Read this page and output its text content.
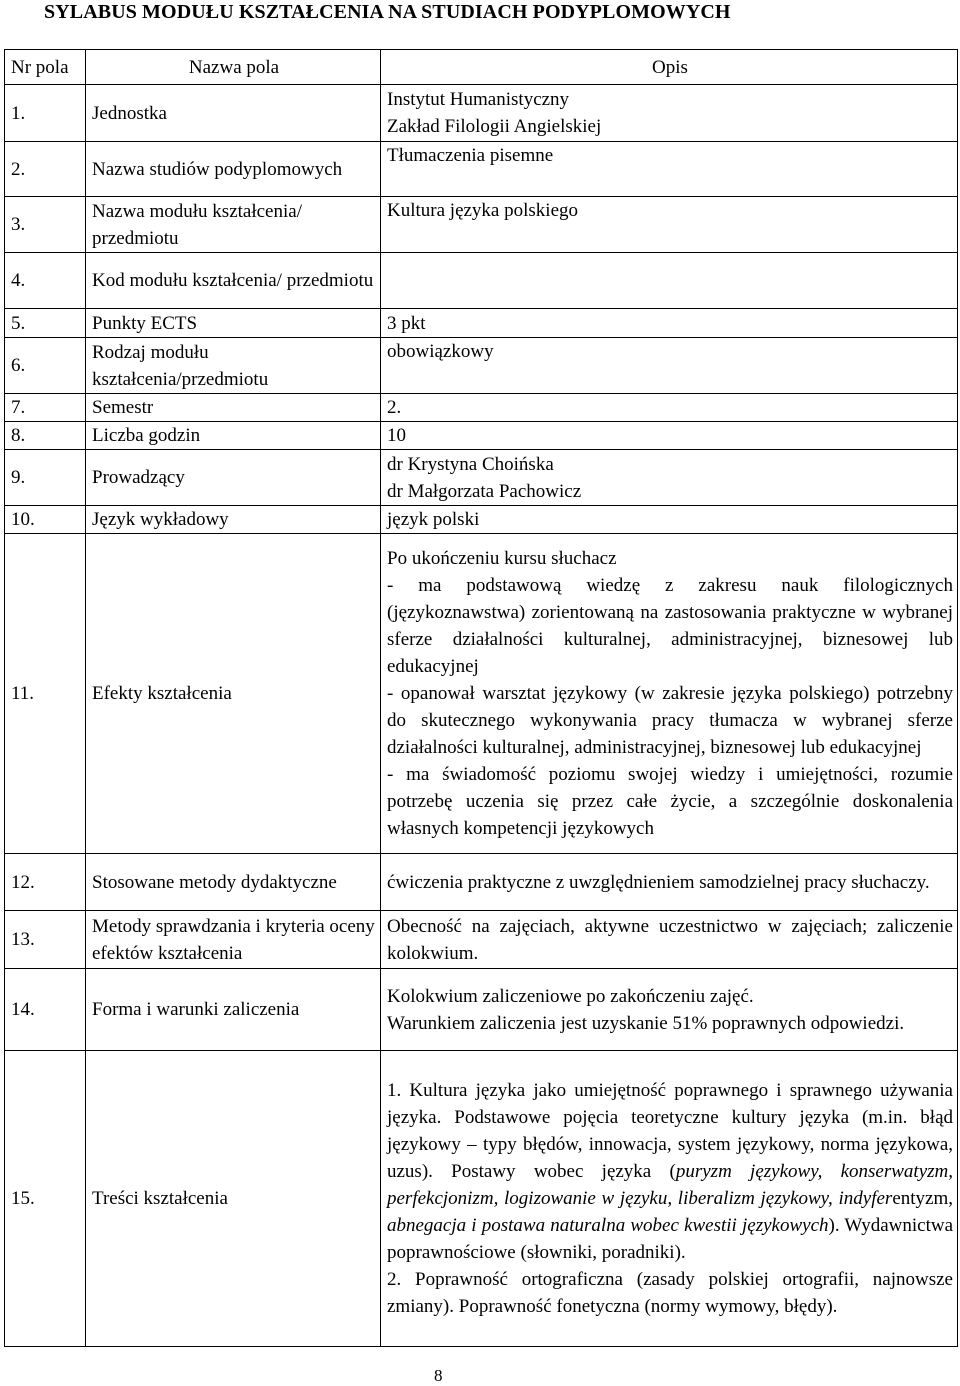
SYLABUS MODUŁU KSZTAŁCENIA NA STUDIACH PODYPLOMOWYCH
Nr pola	Nazwa pola	Opis
1.	Jednostka	Instytut Humanistyczny

Zakład Filologii Angielskiej

2.	Nazwa studiów podyplomowych	Tłumaczenia pisemne

3.	Nazwa modułu kształcenia/ przedmiotu	Kultura języka polskiego

4.	Kod modułu kształcenia/ przedmiotu	
5.	Punkty ECTS	3 pkt

6.	Rodzaj modułu kształcenia/przedmiotu	obowiązkowy

7.	Semestr	2.

8.	Liczba godzin	10

9.	Prowadzący	dr Krystyna Choińska

dr Małgorzata Pachowicz

10.	Język wykładowy	język polski

11.	Efekty kształcenia	Po ukończeniu kursu słuchacz

- ma podstawową wiedzę z zakresu nauk filologicznych (językoznawstwa) zorientowaną na zastosowania praktyczne w wybranej sferze działalności kulturalnej, administracyjnej, biznesowej lub edukacyjnej

- opanował warsztat językowy (w zakresie języka polskiego) potrzebny do skutecznego wykonywania pracy tłumacza w wybranej sferze działalności kulturalnej, administracyjnej, biznesowej lub edukacyjnej

- ma świadomość poziomu swojej wiedzy i umiejętności, rozumie potrzebę uczenia się przez całe życie, a szczególnie doskonalenia własnych kompetencji językowych

12.	Stosowane metody dydaktyczne	ćwiczenia praktyczne z uwzględnieniem samodzielnej pracy słuchaczy.

13.	Metody sprawdzania i kryteria oceny efektów kształcenia	Obecność na zajęciach, aktywne uczestnictwo w zajęciach; zaliczenie kolokwium.

14.	Forma i warunki zaliczenia	Kolokwium zaliczeniowe po zakończeniu zajęć.

Warunkiem zaliczenia jest uzyskanie 51% poprawnych odpowiedzi.

15.	Treści kształcenia	1. Kultura języka jako umiejętność poprawnego i sprawnego używania języka. Podstawowe pojęcia teoretyczne kultury języka (m.in. błąd językowy – typy błędów, innowacja, system językowy, norma językowa, uzus). Postawy wobec języka (puryzm językowy, konserwatyzm, perfekcjonizm, logizowanie w języku, liberalizm językowy, indyferentyzm, abnegacja i postawa naturalna wobec kwestii językowych). Wydawnictwa poprawnościowe (słowniki, poradniki).

2. Poprawność ortograficzna (zasady polskiej ortografii, najnowsze zmiany). Poprawność fonetyczna (normy wymowy, błędy).

8
